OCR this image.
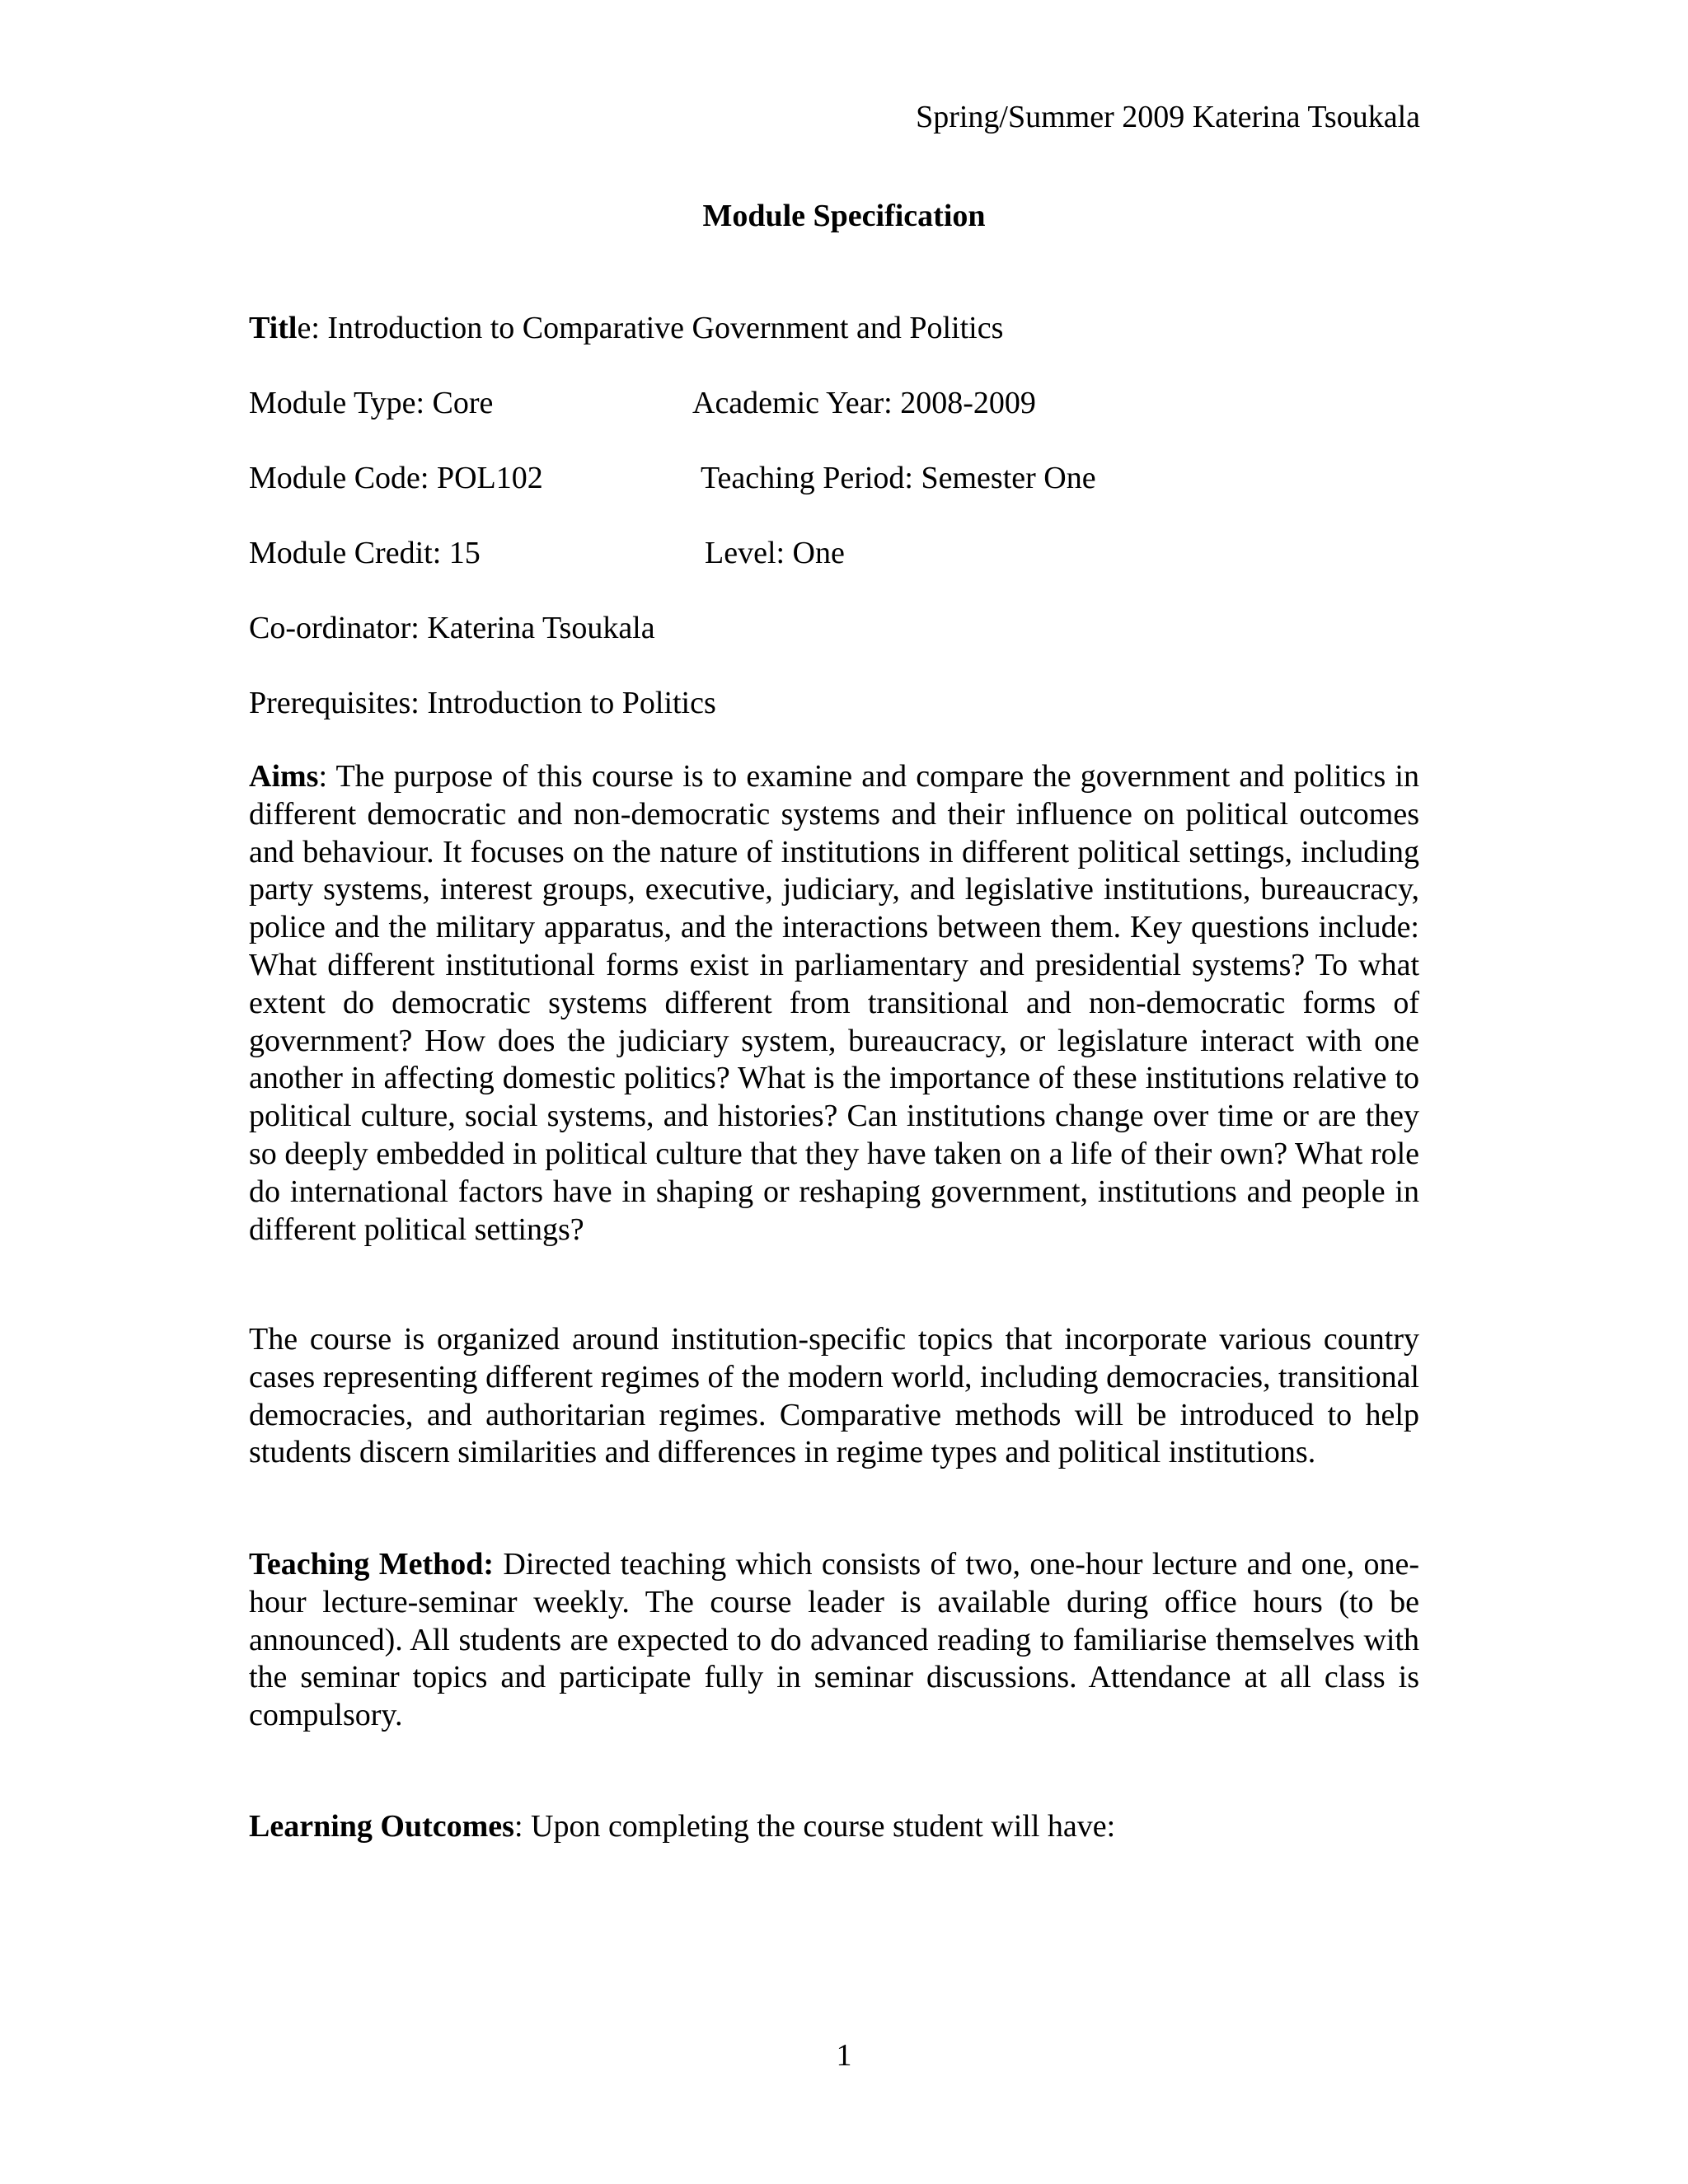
Spring/Summer 2009 Katerina Tsoukala
Module Specification
Title: Introduction to Comparative Government and Politics
Module Type: Core	Academic Year: 2008-2009
Module Code: POL102	Teaching Period: Semester One
Module Credit: 15	Level: One
Co-ordinator: Katerina Tsoukala
Prerequisites: Introduction to Politics

Aims: The purpose of this course is to examine and compare the government and politics in different democratic and non-democratic systems and their influence on political outcomes and behaviour. It focuses on the nature of institutions in different political settings, including party systems, interest groups, executive, judiciary, and legislative institutions, bureaucracy, police and the military apparatus, and the interactions between them. Key questions include: What different institutional forms exist in parliamentary and presidential systems? To what extent do democratic systems different from transitional and non-democratic forms of government? How does the judiciary system, bureaucracy, or legislature interact with one another in affecting domestic politics? What is the importance of these institutions relative to political culture, social systems, and histories? Can institutions change over time or are they so deeply embedded in political culture that they have taken on a life of their own? What role do international factors have in shaping or reshaping government, institutions and people in different political settings?

The course is organized around institution-specific topics that incorporate various country cases representing different regimes of the modern world, including democracies, transitional democracies, and authoritarian regimes. Comparative methods will be introduced to help students discern similarities and differences in regime types and political institutions.

Teaching Method: Directed teaching which consists of two, one-hour lecture and one, one-hour lecture-seminar weekly. The course leader is available during office hours (to be announced). All students are expected to do advanced reading to familiarise themselves with the seminar topics and participate fully in seminar discussions. Attendance at all class is compulsory.

Learning Outcomes: Upon completing the course student will have:

1
